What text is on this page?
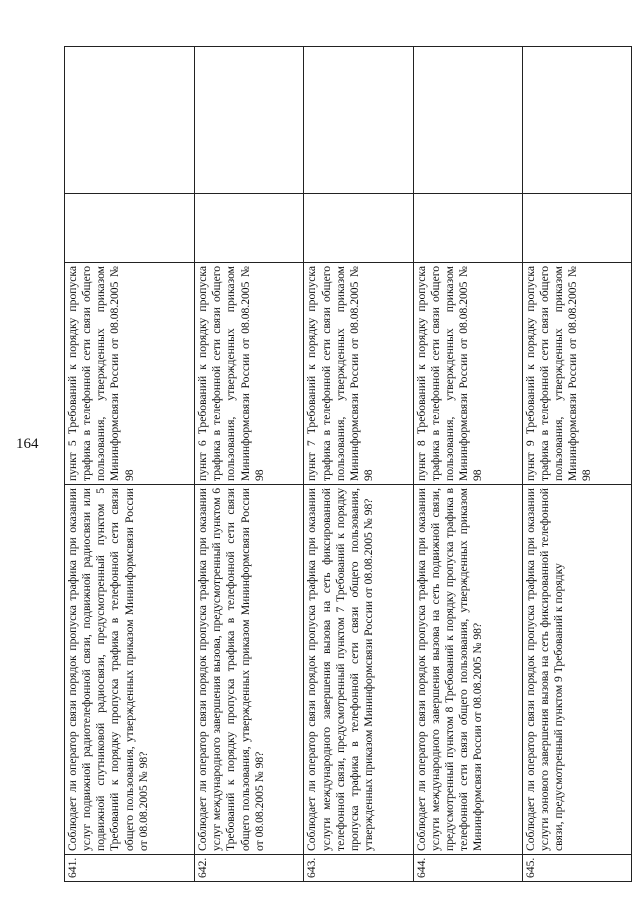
164
641.	Соблюдает ли оператор связи порядок пропуска трафика при оказании услуг подвижной радиотелефонной связи, подвижной радиосвязи или подвижной спутниковой радиосвязи, предусмотренный пунктом 5 Требований к порядку пропуска трафика в телефонной сети связи общего пользования, утвержденных приказом Мининформсвязи России от 08.08.2005 № 98?	пункт 5 Требований к порядку пропуска трафика в телефонной сети связи общего пользования, утвержденных приказом Мининформсвязи России от 08.08.2005 № 98		

642.	Соблюдает ли оператор связи порядок пропуска трафика при оказании услуг международного завершения вызова, предусмотренный пунктом 6 Требований к порядку пропуска трафика в телефонной сети связи общего пользования, утвержденных приказом Мининформсвязи России от 08.08.2005 № 98?	пункт 6 Требований к порядку пропуска трафика в телефонной сети связи общего пользования, утвержденных приказом Мининформсвязи России от 08.08.2005 № 98		

643.	Соблюдает ли оператор связи порядок пропуска трафика при оказании услуги международного завершения вызова на сеть фиксированной телефонной связи, предусмотренный пунктом 7 Требований к порядку пропуска трафика в телефонной сети связи общего пользования, утвержденных приказом Мининформсвязи России от 08.08.2005 № 98?	пункт 7 Требований к порядку пропуска трафика в телефонной сети связи общего пользования, утвержденных приказом Мининформсвязи России от 08.08.2005 № 98		

644.	Соблюдает ли оператор связи порядок пропуска трафика при оказании услуги международного завершения вызова на сеть подвижной связи, предусмотренный пунктом 8 Требований к порядку пропуска трафика в телефонной сети связи общего пользования, утвержденных приказом Мининформсвязи России от 08.08.2005 № 98?	пункт 8 Требований к порядку пропуска трафика в телефонной сети связи общего пользования, утвержденных приказом Мининформсвязи России от 08.08.2005 № 98		

645.	Соблюдает ли оператор связи порядок пропуска трафика при оказании услуги зонового завершения вызова на сеть фиксированной телефонной связи, предусмотренный пунктом 9 Требований к порядку	пункт 9 Требований к порядку пропуска трафика в телефонной сети связи общего пользования, утвержденных приказом Мининформсвязи России от 08.08.2005 № 98		
